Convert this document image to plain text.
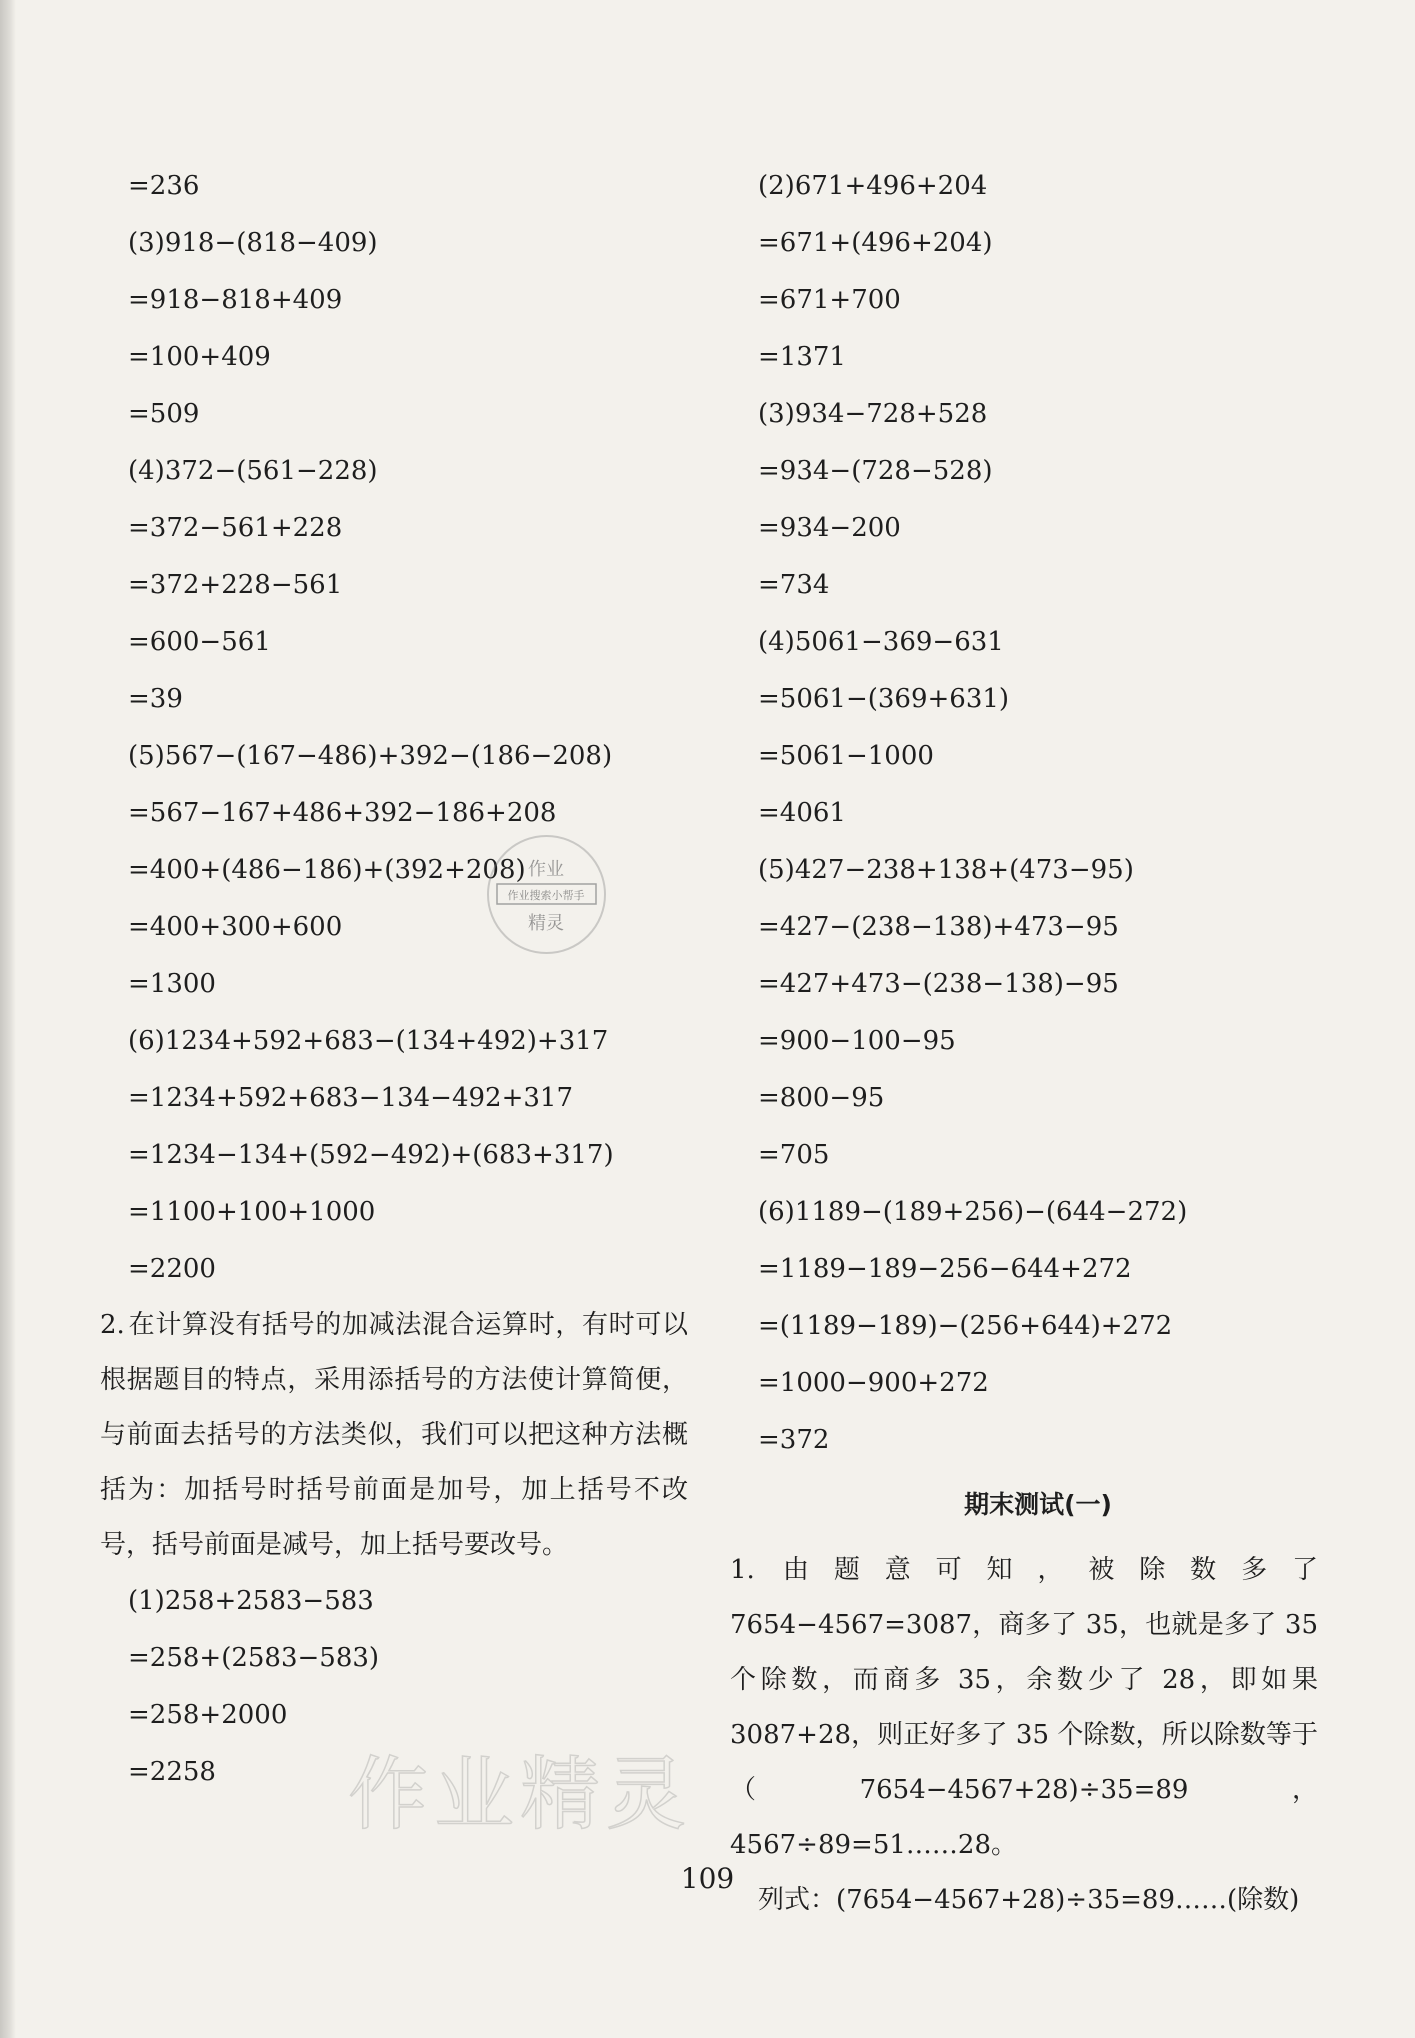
=236
(3)918−(818−409)
=918−818+409
=100+409
=509
(4)372−(561−228)
=372−561+228
=372+228−561
=600−561
=39
(5)567−(167−486)+392−(186−208)
=567−167+486+392−186+208
=400+(486−186)+(392+208)
=400+300+600
=1300
(6)1234+592+683−(134+492)+317
=1234+592+683−134−492+317
=1234−134+(592−492)+(683+317)
=1100+100+1000
=2200
2. 在计算没有括号的加减法混合运算时，有时可以根据题目的特点，采用添括号的方法使计算简便，与前面去括号的方法类似，我们可以把这种方法概括为：加括号时括号前面是加号，加上括号不改号，括号前面是减号，加上括号要改号。
(1)258+2583−583
=258+(2583−583)
=258+2000
=2258
(2)671+496+204
=671+(496+204)
=671+700
=1371
(3)934−728+528
=934−(728−528)
=934−200
=734
(4)5061−369−631
=5061−(369+631)
=5061−1000
=4061
(5)427−238+138+(473−95)
=427−(238−138)+473−95
=427+473−(238−138)−95
=900−100−95
=800−95
=705
(6)1189−(189+256)−(644−272)
=1189−189−256−644+272
=(1189−189)−(256+644)+272
=1000−900+272
=372
期末测试(一)
1. 由题意可知，被除数多了 7654−4567=3087，商多了 35，也就是多了 35 个除数，而商多 35，余数少了 28，即如果 3087+28，则正好多了 35 个除数，所以除数等于（7654−4567+28)÷35=89，4567÷89=51……28。
列式：(7654−4567+28)÷35=89……(除数)
109
作业
作业搜索小帮手
精灵
作业精灵
